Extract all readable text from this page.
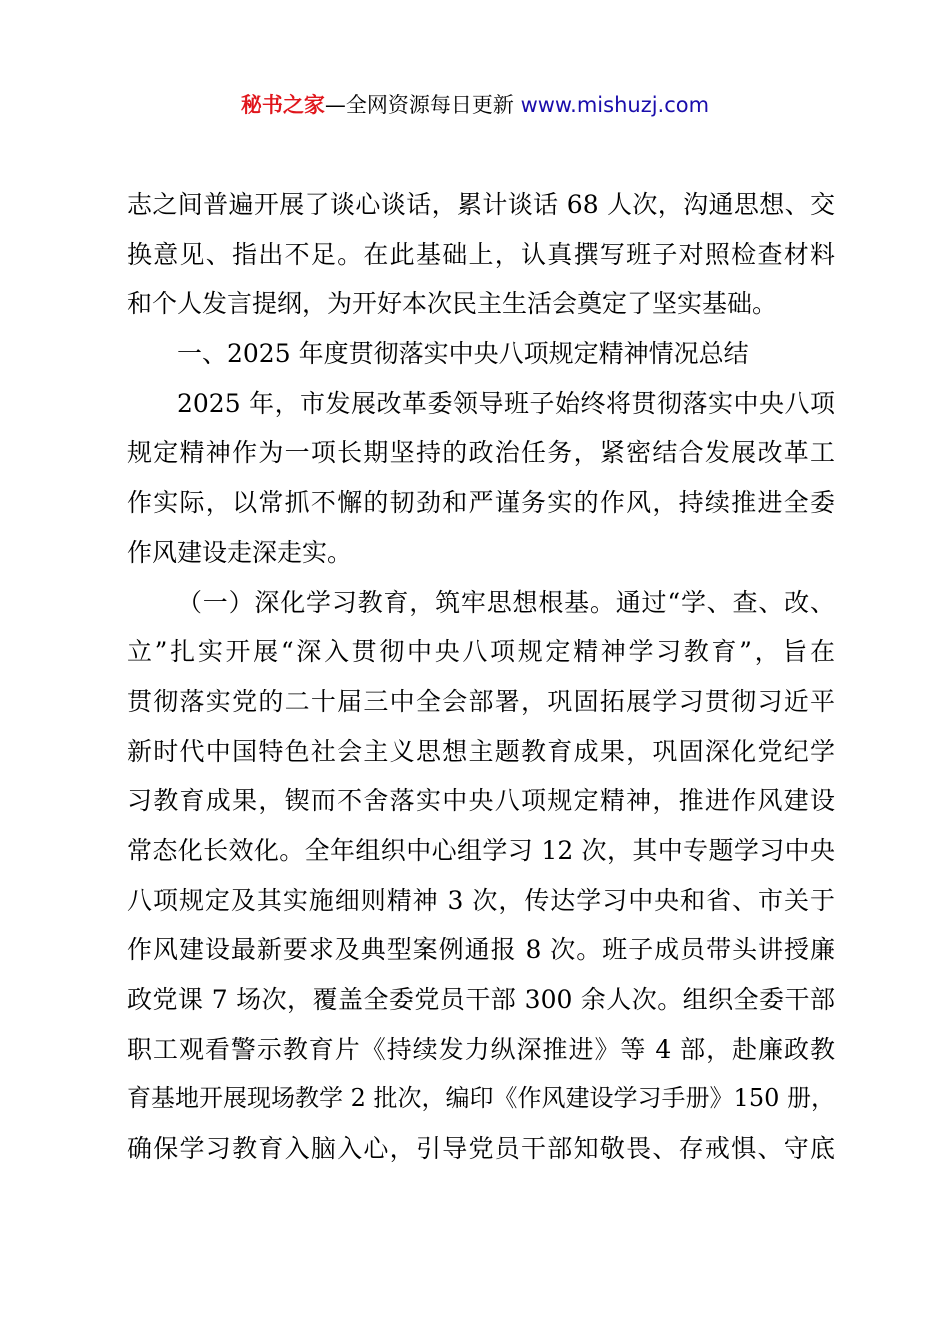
秘书之家—全网资源每日更新 www.mishuzj.com
志之间普遍开展了谈心谈话，累计谈话 68 人次，沟通思想、交
换意见、指出不足。在此基础上，认真撰写班子对照检查材料
和个人发言提纲，为开好本次民主生活会奠定了坚实基础。
一、2025 年度贯彻落实中央八项规定精神情况总结
2025 年，市发展改革委领导班子始终将贯彻落实中央八项
规定精神作为一项长期坚持的政治任务，紧密结合发展改革工
作实际，以常抓不懈的韧劲和严谨务实的作风，持续推进全委
作风建设走深走实。
（一）深化学习教育，筑牢思想根基。通过“学、查、改、
立”扎实开展“深入贯彻中央八项规定精神学习教育”，旨在
贯彻落实党的二十届三中全会部署，巩固拓展学习贯彻习近平
新时代中国特色社会主义思想主题教育成果，巩固深化党纪学
习教育成果，锲而不舍落实中央八项规定精神，推进作风建设
常态化长效化。全年组织中心组学习 12 次，其中专题学习中央
八项规定及其实施细则精神 3 次，传达学习中央和省、市关于
作风建设最新要求及典型案例通报 8 次。班子成员带头讲授廉
政党课 7 场次，覆盖全委党员干部 300 余人次。组织全委干部
职工观看警示教育片《持续发力纵深推进》等 4 部，赴廉政教
育基地开展现场教学 2 批次，编印《作风建设学习手册》150 册，
确保学习教育入脑入心，引导党员干部知敬畏、存戒惧、守底
